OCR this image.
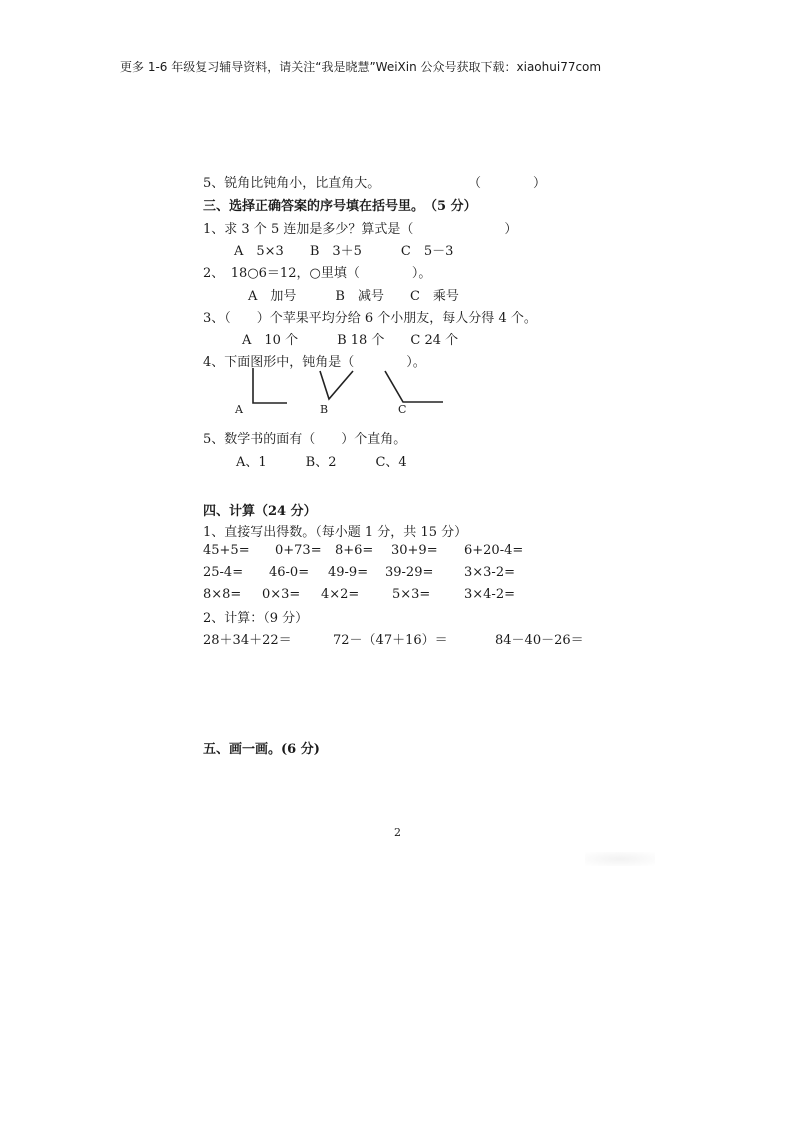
更多 1-6 年级复习辅导资料，请关注“我是晓慧”WeiXin 公众号获取下载：xiaohui77com
5、锐角比钝角小，比直角大。	（　　　　）
三、选择正确答案的序号填在括号里。　（5 分）
1、求 3 个 5 连加是多少？算式是（　　　　　　　）
A　5×3　　B　3＋5　　　C　5－3
2、　18○6＝12，○里填（　　　　）。
A　加号　　　B　减号　　C　乘号
3、（　　）个苹果平均分给 6 个小朋友，每人分得 4 个。
A　10 个　　　B 18 个　　C 24 个
4、下面图形中，钝角是（　　　　）。
A	B	C
5、数学书的面有（　　）个直角。
A、1　　　B、2　　　C、4
四、计算（24 分）
1、直接写出得数。（每小题 1 分，共 15 分）
45+5= 0+73= 8+6= 30+9= 6+20-4=
25-4= 46-0= 49-9= 39-29= 3×3-2=
8×8= 0×3= 4×2=	5×3=	3×4-2=
2、计算：（9 分）
28＋34＋22＝	72－（47＋16）＝	84－40－26＝
五、画一画。(6 分)
2
